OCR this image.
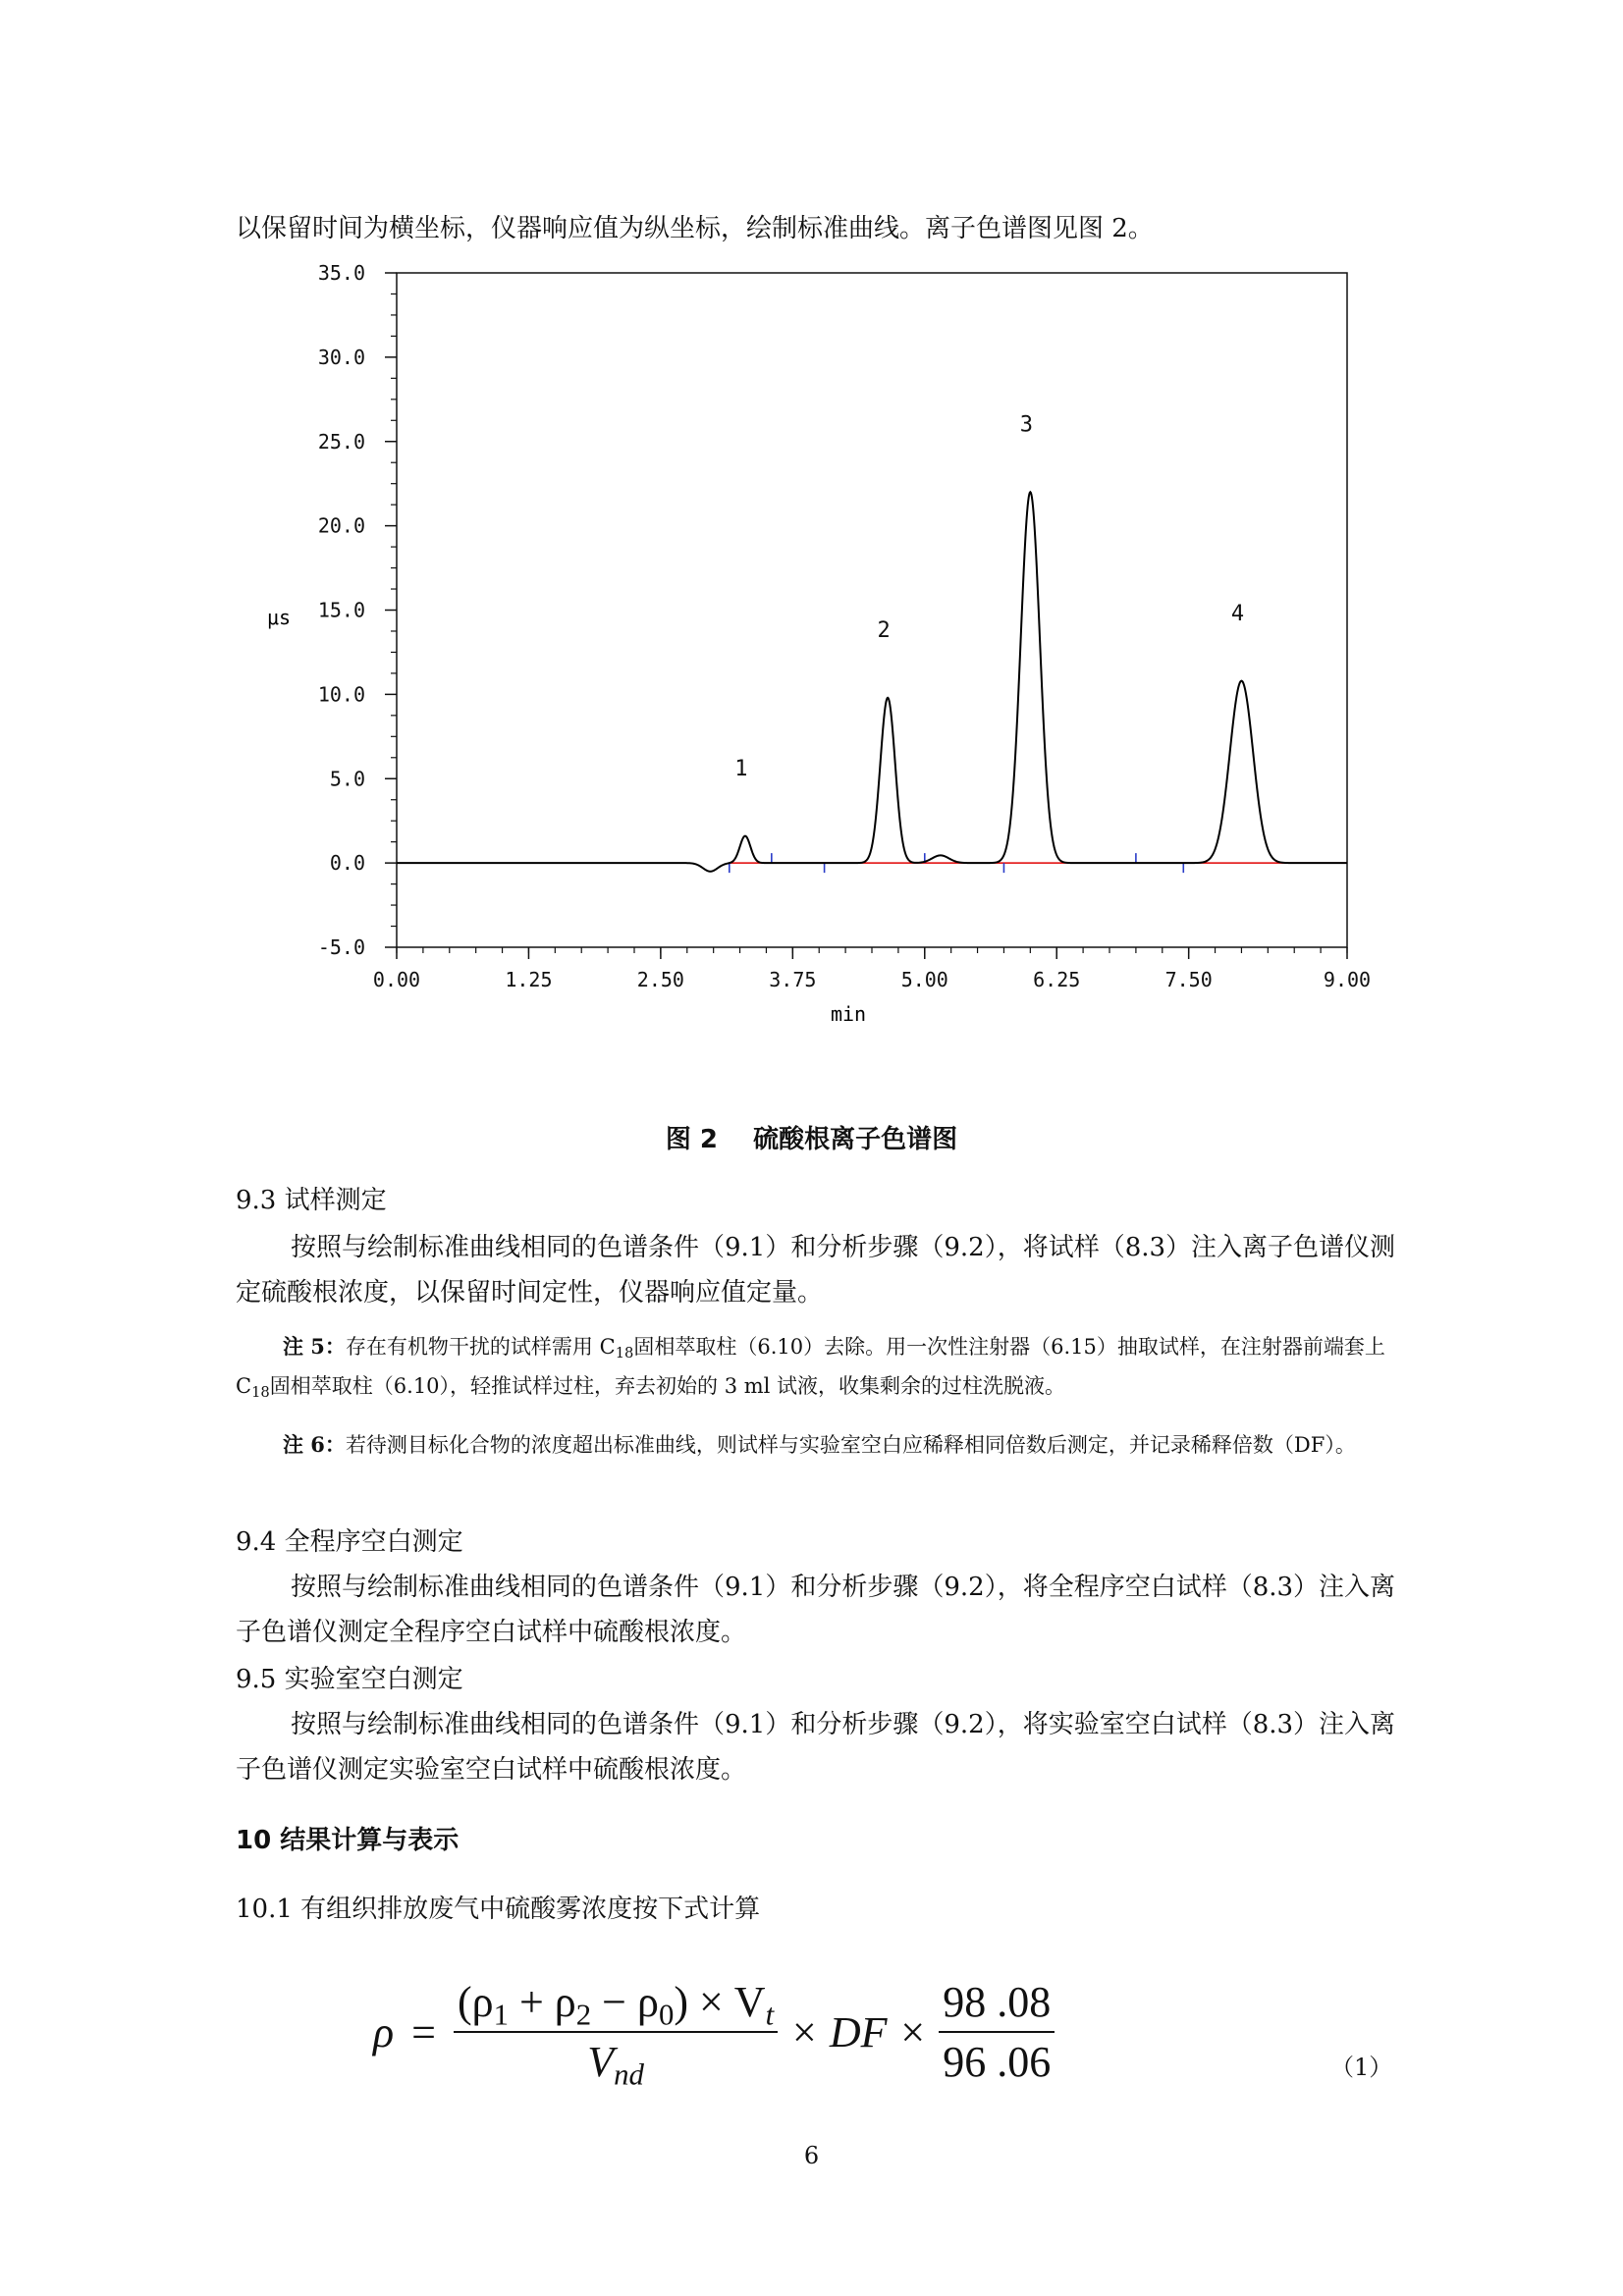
以保留时间为横坐标，仪器响应值为纵坐标，绘制标准曲线。离子色谱图见图 2。
35.0
30.0
25.0
20.0
15.0
10.0
5.0
0.0
-5.0
0.00	1.25	2.50	3.75	5.00	6.25	7.50	9.00
1
2
3
4
μs
min
图 2    硫酸根离子色谱图
9.3 试样测定
按照与绘制标准曲线相同的色谱条件（9.1）和分析步骤（9.2），将试样（8.3）注入离子色谱仪测定硫酸根浓度，以保留时间定性，仪器响应值定量。
注 5：存在有机物干扰的试样需用 $C_{18}$固相萃取柱（6.10）去除。用一次性注射器（6.15）抽取试样，在注射器前端套上 $C_{18}$固相萃取柱（6.10），轻推试样过柱，弃去初始的 3 ml 试液，收集剩余的过柱洗脱液。
注 6：若待测目标化合物的浓度超出标准曲线，则试样与实验室空白应稀释相同倍数后测定，并记录稀释倍数（DF）。
9.4 全程序空白测定
按照与绘制标准曲线相同的色谱条件（9.1）和分析步骤（9.2），将全程序空白试样（8.3）注入离子色谱仪测定全程序空白试样中硫酸根浓度。
9.5 实验室空白测定
按照与绘制标准曲线相同的色谱条件（9.1）和分析步骤（9.2），将实验室空白试样（8.3）注入离子色谱仪测定实验室空白试样中硫酸根浓度。
10 结果计算与表示
10.1 有组织排放废气中硫酸雾浓度按下式计算
$\rho = \frac{(\rho_1 + \rho_2 - \rho_0) \times V_t}{V_{nd}}$ × DF × $\frac{98 .08}{96 .06}$	（1）
6
